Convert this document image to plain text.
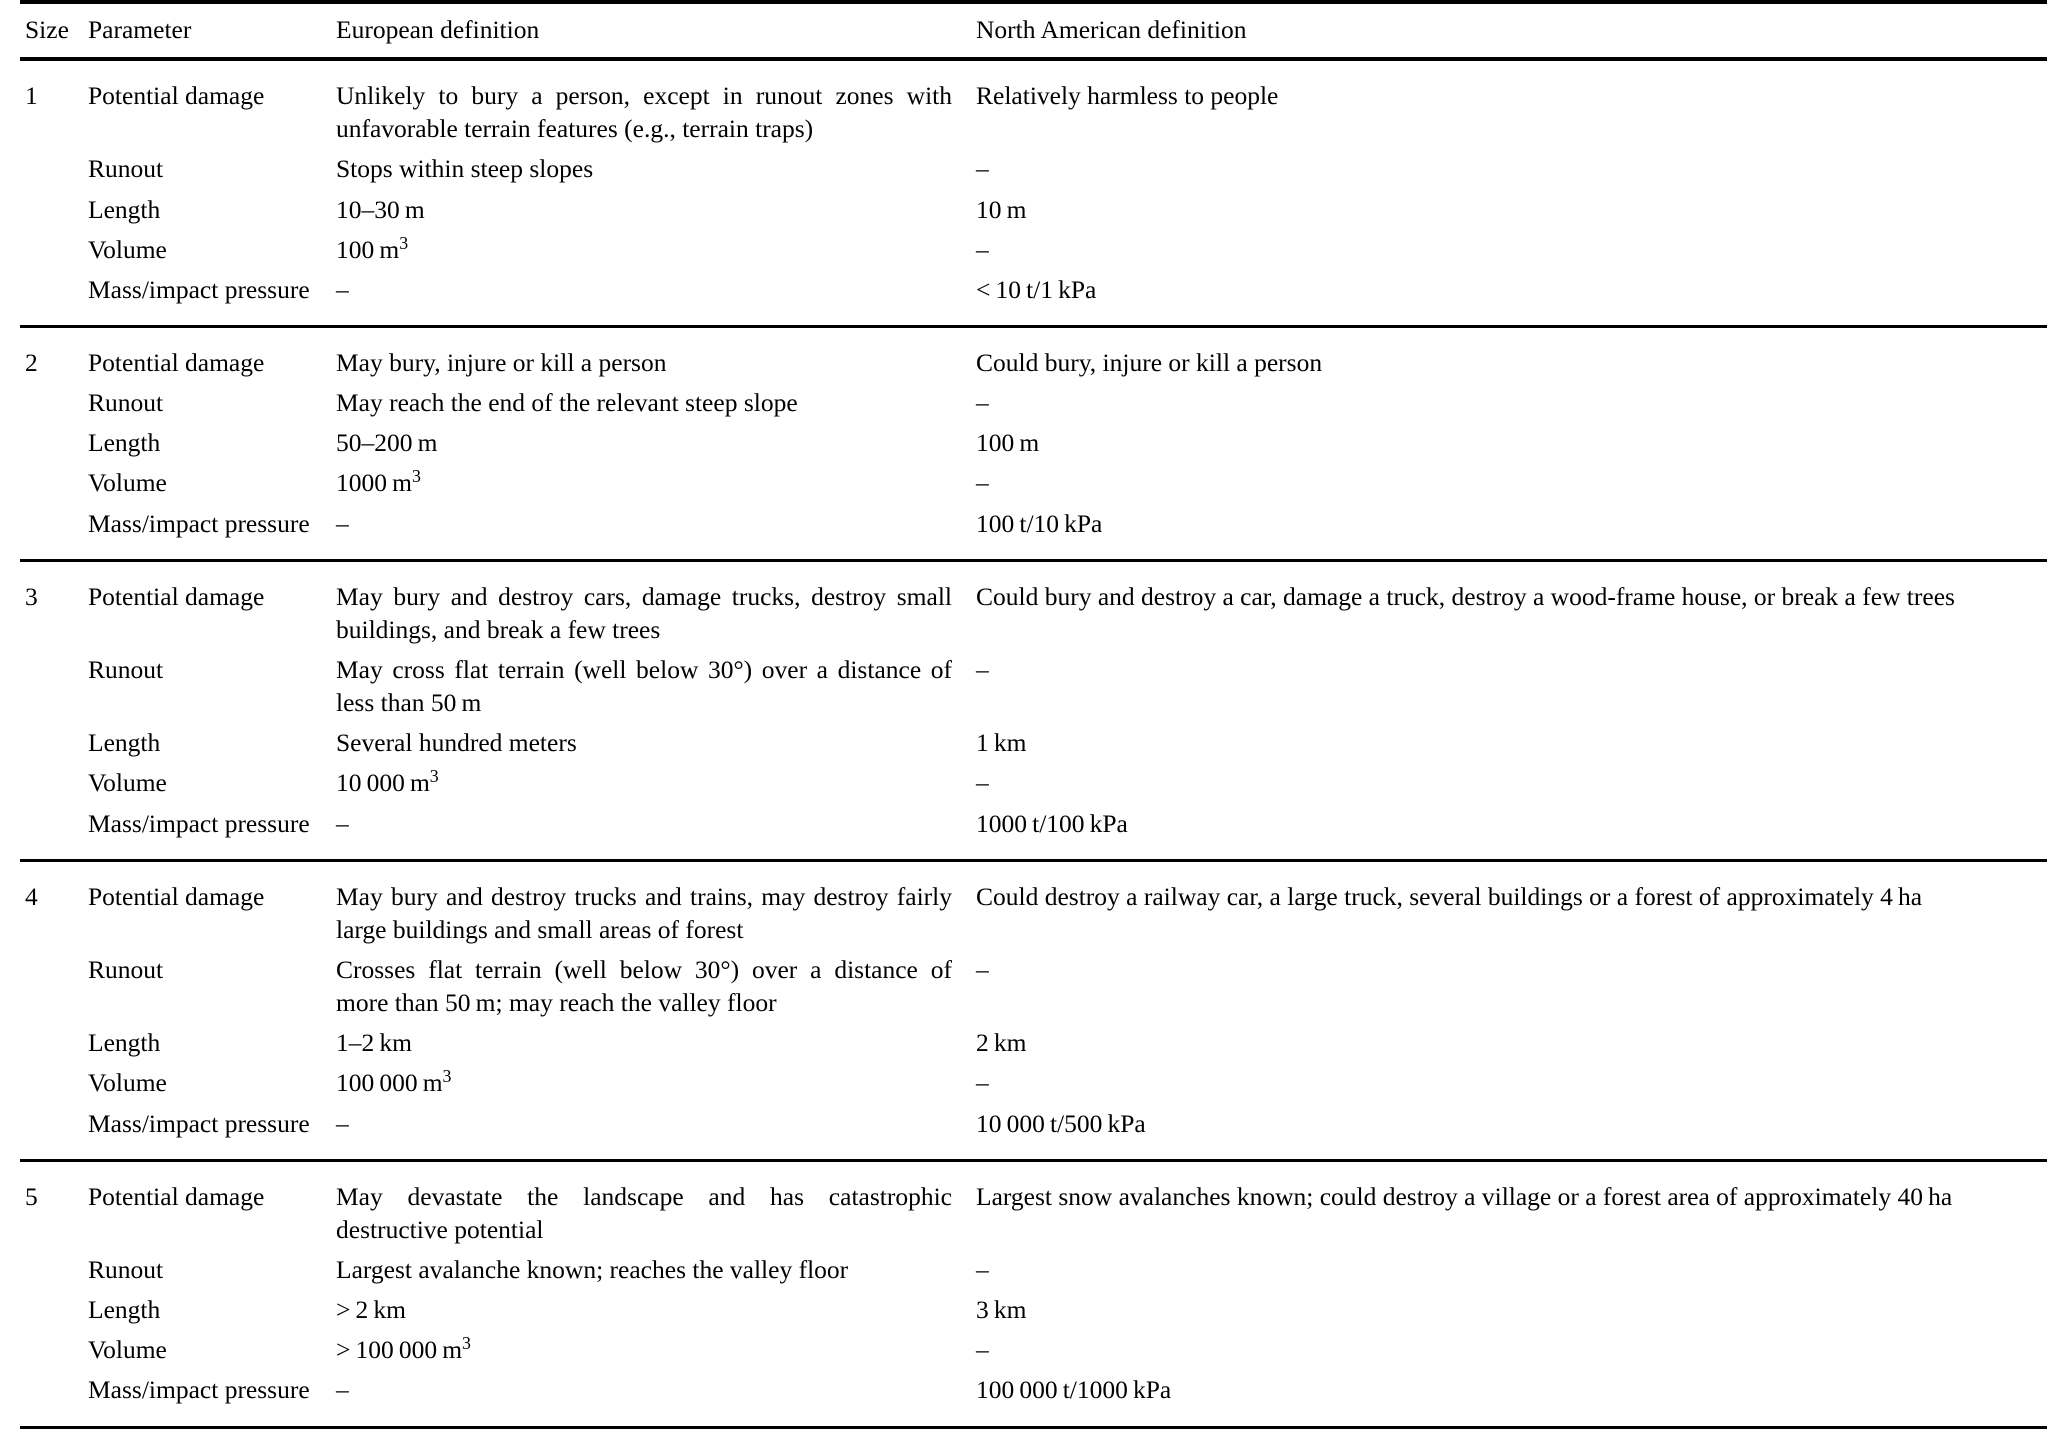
Size	Parameter	European definition	North American definition

1	Potential damage	Unlikely to bury a person, except in runout zones with unfavorable terrain features (e.g., terrain traps)	Relatively harmless to people
	Runout	Stops within steep slopes	–
	Length	10–30 m	10 m
	Volume	100 $m^3$	–
	Mass/impact pressure	–	< 10 t/1 kPa

2	Potential damage	May bury, injure or kill a person	Could bury, injure or kill a person
	Runout	May reach the end of the relevant steep slope	–
	Length	50–200 m	100 m
	Volume	1000 $m^3$	–
	Mass/impact pressure	–	100 t/10 kPa

3	Potential damage	May bury and destroy cars, damage trucks, destroy small buildings, and break a few trees	Could bury and destroy a car, damage a truck, destroy a wood-frame house, or break a few trees
	Runout	May cross flat terrain (well below 30°) over a distance of less than 50 m	–
	Length	Several hundred meters	1 km
	Volume	10 000 $m^3$	–
	Mass/impact pressure	–	1000 t/100 kPa

4	Potential damage	May bury and destroy trucks and trains, may destroy fairly large buildings and small areas of forest	Could destroy a railway car, a large truck, several buildings or a forest of approximately 4 ha
	Runout	Crosses flat terrain (well below 30°) over a distance of more than 50 m; may reach the valley floor	–
	Length	1–2 km	2 km
	Volume	100 000 $m^3$	–
	Mass/impact pressure	–	10 000 t/500 kPa

5	Potential damage	May devastate the landscape and has catastrophic destructive potential	Largest snow avalanches known; could destroy a village or a forest area of approximately 40 ha
	Runout	Largest avalanche known; reaches the valley floor	–
	Length	> 2 km	3 km
	Volume	> 100 000 $m^3$	–
	Mass/impact pressure	–	100 000 t/1000 kPa
